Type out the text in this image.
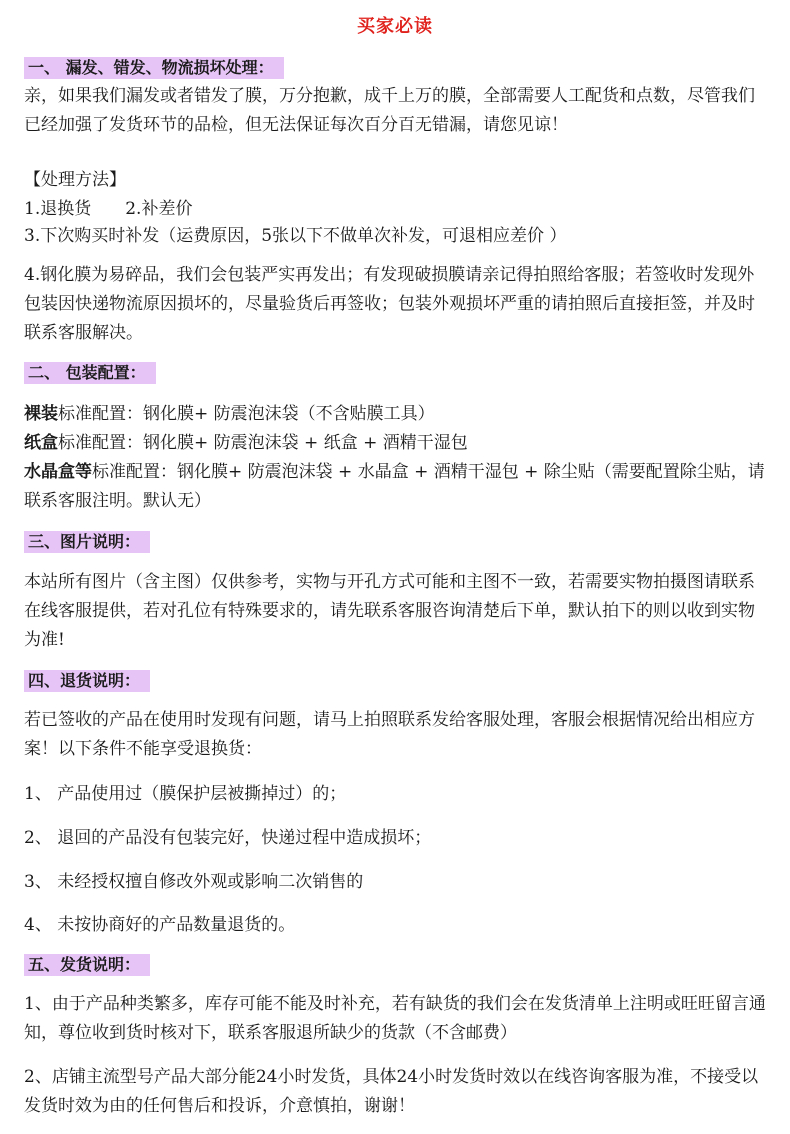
买家必读
一、 漏发、错发、物流损坏处理：

亲，如果我们漏发或者错发了膜，万分抱歉，成千上万的膜，全部需要人工配货和点数，尽管我们已经加强了发货环节的品检，但无法保证每次百分百无错漏，请您见谅！

【处理方法】
1.退换货 2.补差价
3.下次购买时补发（运费原因，5张以下不做单次补发，可退相应差价 ）

4.钢化膜为易碎品，我们会包装严实再发出；有发现破损膜请亲记得拍照给客服；若签收时发现外包装因快递物流原因损坏的，尽量验货后再签收；包装外观损坏严重的请拍照后直接拒签，并及时联系客服解决。

二、 包装配置：
裸装标准配置：钢化膜+ 防震泡沫袋（不含贴膜工具）
纸盒标准配置：钢化膜+ 防震泡沫袋 + 纸盒 + 酒精干湿包
水晶盒等标准配置：钢化膜+ 防震泡沫袋 + 水晶盒 + 酒精干湿包 + 除尘贴（需要配置除尘贴，请联系客服注明。默认无）
三、图片说明：

本站所有图片（含主图）仅供参考，实物与开孔方式可能和主图不一致，若需要实物拍摄图请联系在线客服提供，若对孔位有特殊要求的，请先联系客服咨询清楚后下单，默认拍下的则以收到实物为准!

四、退货说明：

若已签收的产品在使用时发现有问题，请马上拍照联系发给客服处理，客服会根据情况给出相应方案！以下条件不能享受退换货：

1、 产品使用过（膜保护层被撕掉过）的；
2、 退回的产品没有包装完好，快递过程中造成损坏；
3、 未经授权擅自修改外观或影响二次销售的
4、 未按协商好的产品数量退货的。
五、发货说明：

1、由于产品种类繁多，库存可能不能及时补充，若有缺货的我们会在发货清单上注明或旺旺留言通知，尊位收到货时核对下，联系客服退所缺少的货款（不含邮费）

2、店铺主流型号产品大部分能24小时发货，具体24小时发货时效以在线咨询客服为准，不接受以发货时效为由的任何售后和投诉，介意慎拍，谢谢！
